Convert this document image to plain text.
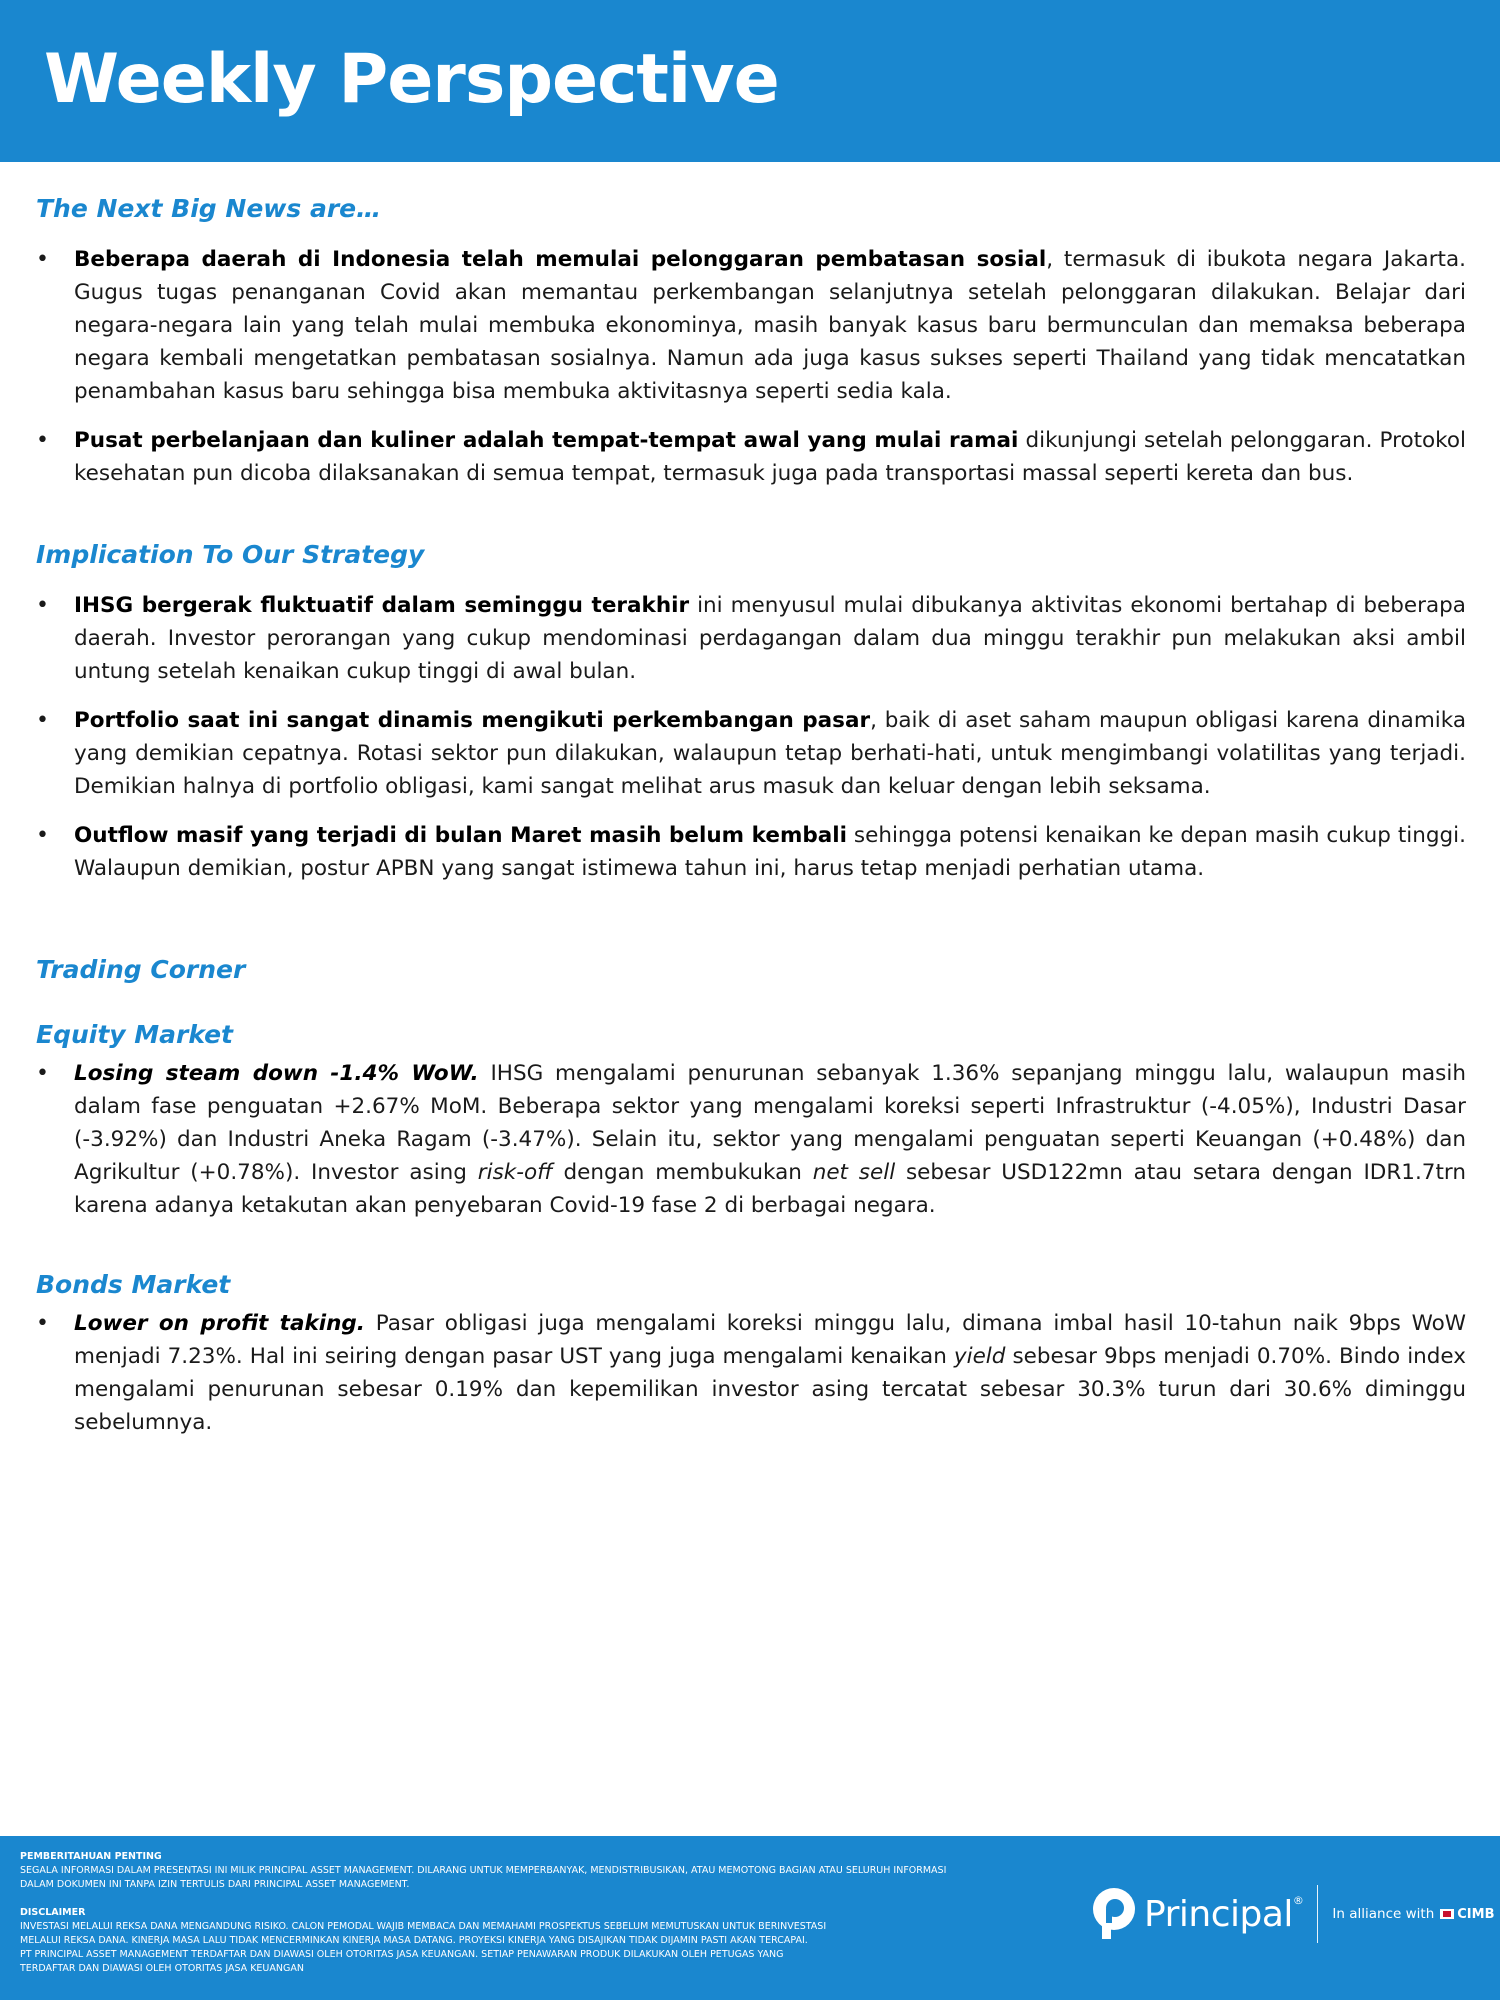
Weekly Perspective
The Next Big News are…
• Beberapa daerah di Indonesia telah memulai pelonggaran pembatasan sosial, termasuk di ibukota negara Jakarta. Gugus tugas penanganan Covid akan memantau perkembangan selanjutnya setelah pelonggaran dilakukan. Belajar dari negara-negara lain yang telah mulai membuka ekonominya, masih banyak kasus baru bermunculan dan memaksa beberapa negara kembali mengetatkan pembatasan sosialnya. Namun ada juga kasus sukses seperti Thailand yang tidak mencatatkan penambahan kasus baru sehingga bisa membuka aktivitasnya seperti sedia kala.
• Pusat perbelanjaan dan kuliner adalah tempat-tempat awal yang mulai ramai dikunjungi setelah pelonggaran. Protokol kesehatan pun dicoba dilaksanakan di semua tempat, termasuk juga pada transportasi massal seperti kereta dan bus.
Implication To Our Strategy
• IHSG bergerak fluktuatif dalam seminggu terakhir ini menyusul mulai dibukanya aktivitas ekonomi bertahap di beberapa daerah. Investor perorangan yang cukup mendominasi perdagangan dalam dua minggu terakhir pun melakukan aksi ambil untung setelah kenaikan cukup tinggi di awal bulan.
• Portfolio saat ini sangat dinamis mengikuti perkembangan pasar, baik di aset saham maupun obligasi karena dinamika yang demikian cepatnya. Rotasi sektor pun dilakukan, walaupun tetap berhati-hati, untuk mengimbangi volatilitas yang terjadi. Demikian halnya di portfolio obligasi, kami sangat melihat arus masuk dan keluar dengan lebih seksama.
• Outflow masif yang terjadi di bulan Maret masih belum kembali sehingga potensi kenaikan ke depan masih cukup tinggi. Walaupun demikian, postur APBN yang sangat istimewa tahun ini, harus tetap menjadi perhatian utama.
Trading Corner
Equity Market
• Losing steam down -1.4% WoW. IHSG mengalami penurunan sebanyak 1.36% sepanjang minggu lalu, walaupun masih dalam fase penguatan +2.67% MoM. Beberapa sektor yang mengalami koreksi seperti Infrastruktur (-4.05%), Industri Dasar (-3.92%) dan Industri Aneka Ragam (-3.47%). Selain itu, sektor yang mengalami penguatan seperti Keuangan (+0.48%) dan Agrikultur (+0.78%). Investor asing risk-off dengan membukukan net sell sebesar USD122mn atau setara dengan IDR1.7trn karena adanya ketakutan akan penyebaran Covid-19 fase 2 di berbagai negara.
Bonds Market
• Lower on profit taking. Pasar obligasi juga mengalami koreksi minggu lalu, dimana imbal hasil 10-tahun naik 9bps WoW menjadi 7.23%. Hal ini seiring dengan pasar UST yang juga mengalami kenaikan yield sebesar 9bps menjadi 0.70%. Bindo index mengalami penurunan sebesar 0.19% dan kepemilikan investor asing tercatat sebesar 30.3% turun dari 30.6% diminggu sebelumnya.
PEMBERITAHUAN PENTING
SEGALA INFORMASI DALAM PRESENTASI INI MILIK PRINCIPAL ASSET MANAGEMENT. DILARANG UNTUK MEMPERBANYAK, MENDISTRIBUSIKAN, ATAU MEMOTONG BAGIAN ATAU SELURUH INFORMASI
DALAM DOKUMEN INI TANPA IZIN TERTULIS DARI PRINCIPAL ASSET MANAGEMENT.
DISCLAIMER
INVESTASI MELALUI REKSA DANA MENGANDUNG RISIKO. CALON PEMODAL WAJIB MEMBACA DAN MEMAHAMI PROSPEKTUS SEBELUM MEMUTUSKAN UNTUK BERINVESTASI
MELALUI REKSA DANA. KINERJA MASA LALU TIDAK MENCERMINKAN KINERJA MASA DATANG. PROYEKSI KINERJA YANG DISAJIKAN TIDAK DIJAMIN PASTI AKAN TERCAPAI.
PT PRINCIPAL ASSET MANAGEMENT TERDAFTAR DAN DIAWASI OLEH OTORITAS JASA KEUANGAN. SETIAP PENAWARAN PRODUK DILAKUKAN OLEH PETUGAS YANG
TERDAFTAR DAN DIAWASI OLEH OTORITAS JASA KEUANGAN
Principal®
In alliance with CIMB
